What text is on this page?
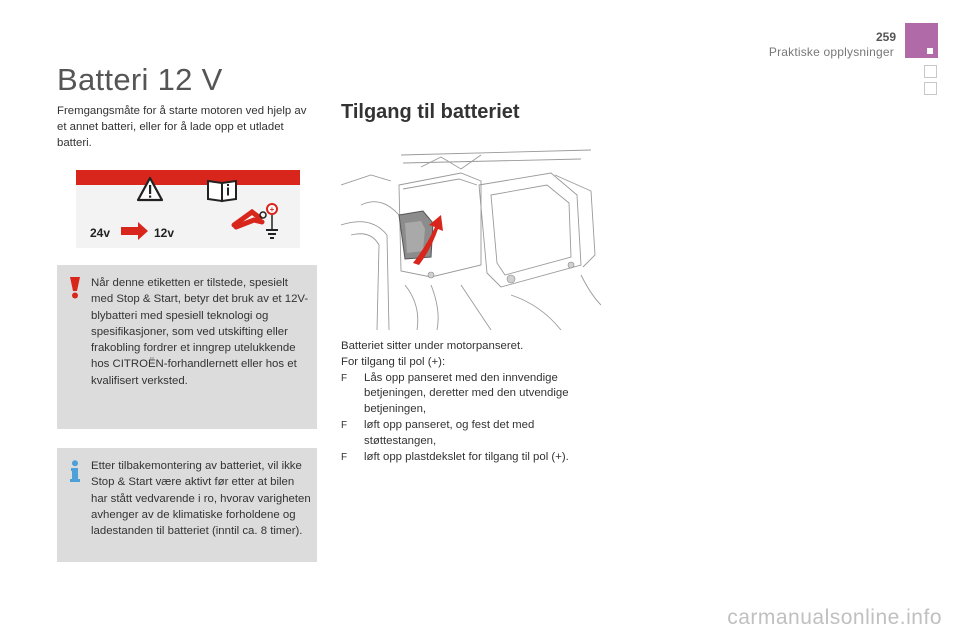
259
Praktiske opplysninger
Batteri 12 V
Fremgangsmåte for å starte motoren ved hjelp av et annet batteri, eller for å lade opp et utladet batteri.
+
24v	12v
Når denne etiketten er tilstede, spesielt med Stop & Start, betyr det bruk av et 12V-blybatteri med spesiell teknologi og spesifikasjoner, som ved utskifting eller frakobling fordrer et inngrep utelukkende hos CITROËN-forhandlernett eller hos et kvalifisert verksted.
Etter tilbakemontering av batteriet, vil ikke Stop & Start være aktivt før etter at bilen har stått vedvarende i ro, hvorav varigheten avhenger av de klimatiske forholdene og ladestanden til batteriet (inntil ca. 8 timer).
Tilgang til batteriet
Batteriet sitter under motorpanseret.
For tilgang til pol (+):
F Lås opp panseret med den innvendige betjeningen, deretter med den utvendige betjeningen,
F løft opp panseret, og fest det med støttestangen,
F løft opp plastdekslet for tilgang til pol (+).
carmanualsonline.info
